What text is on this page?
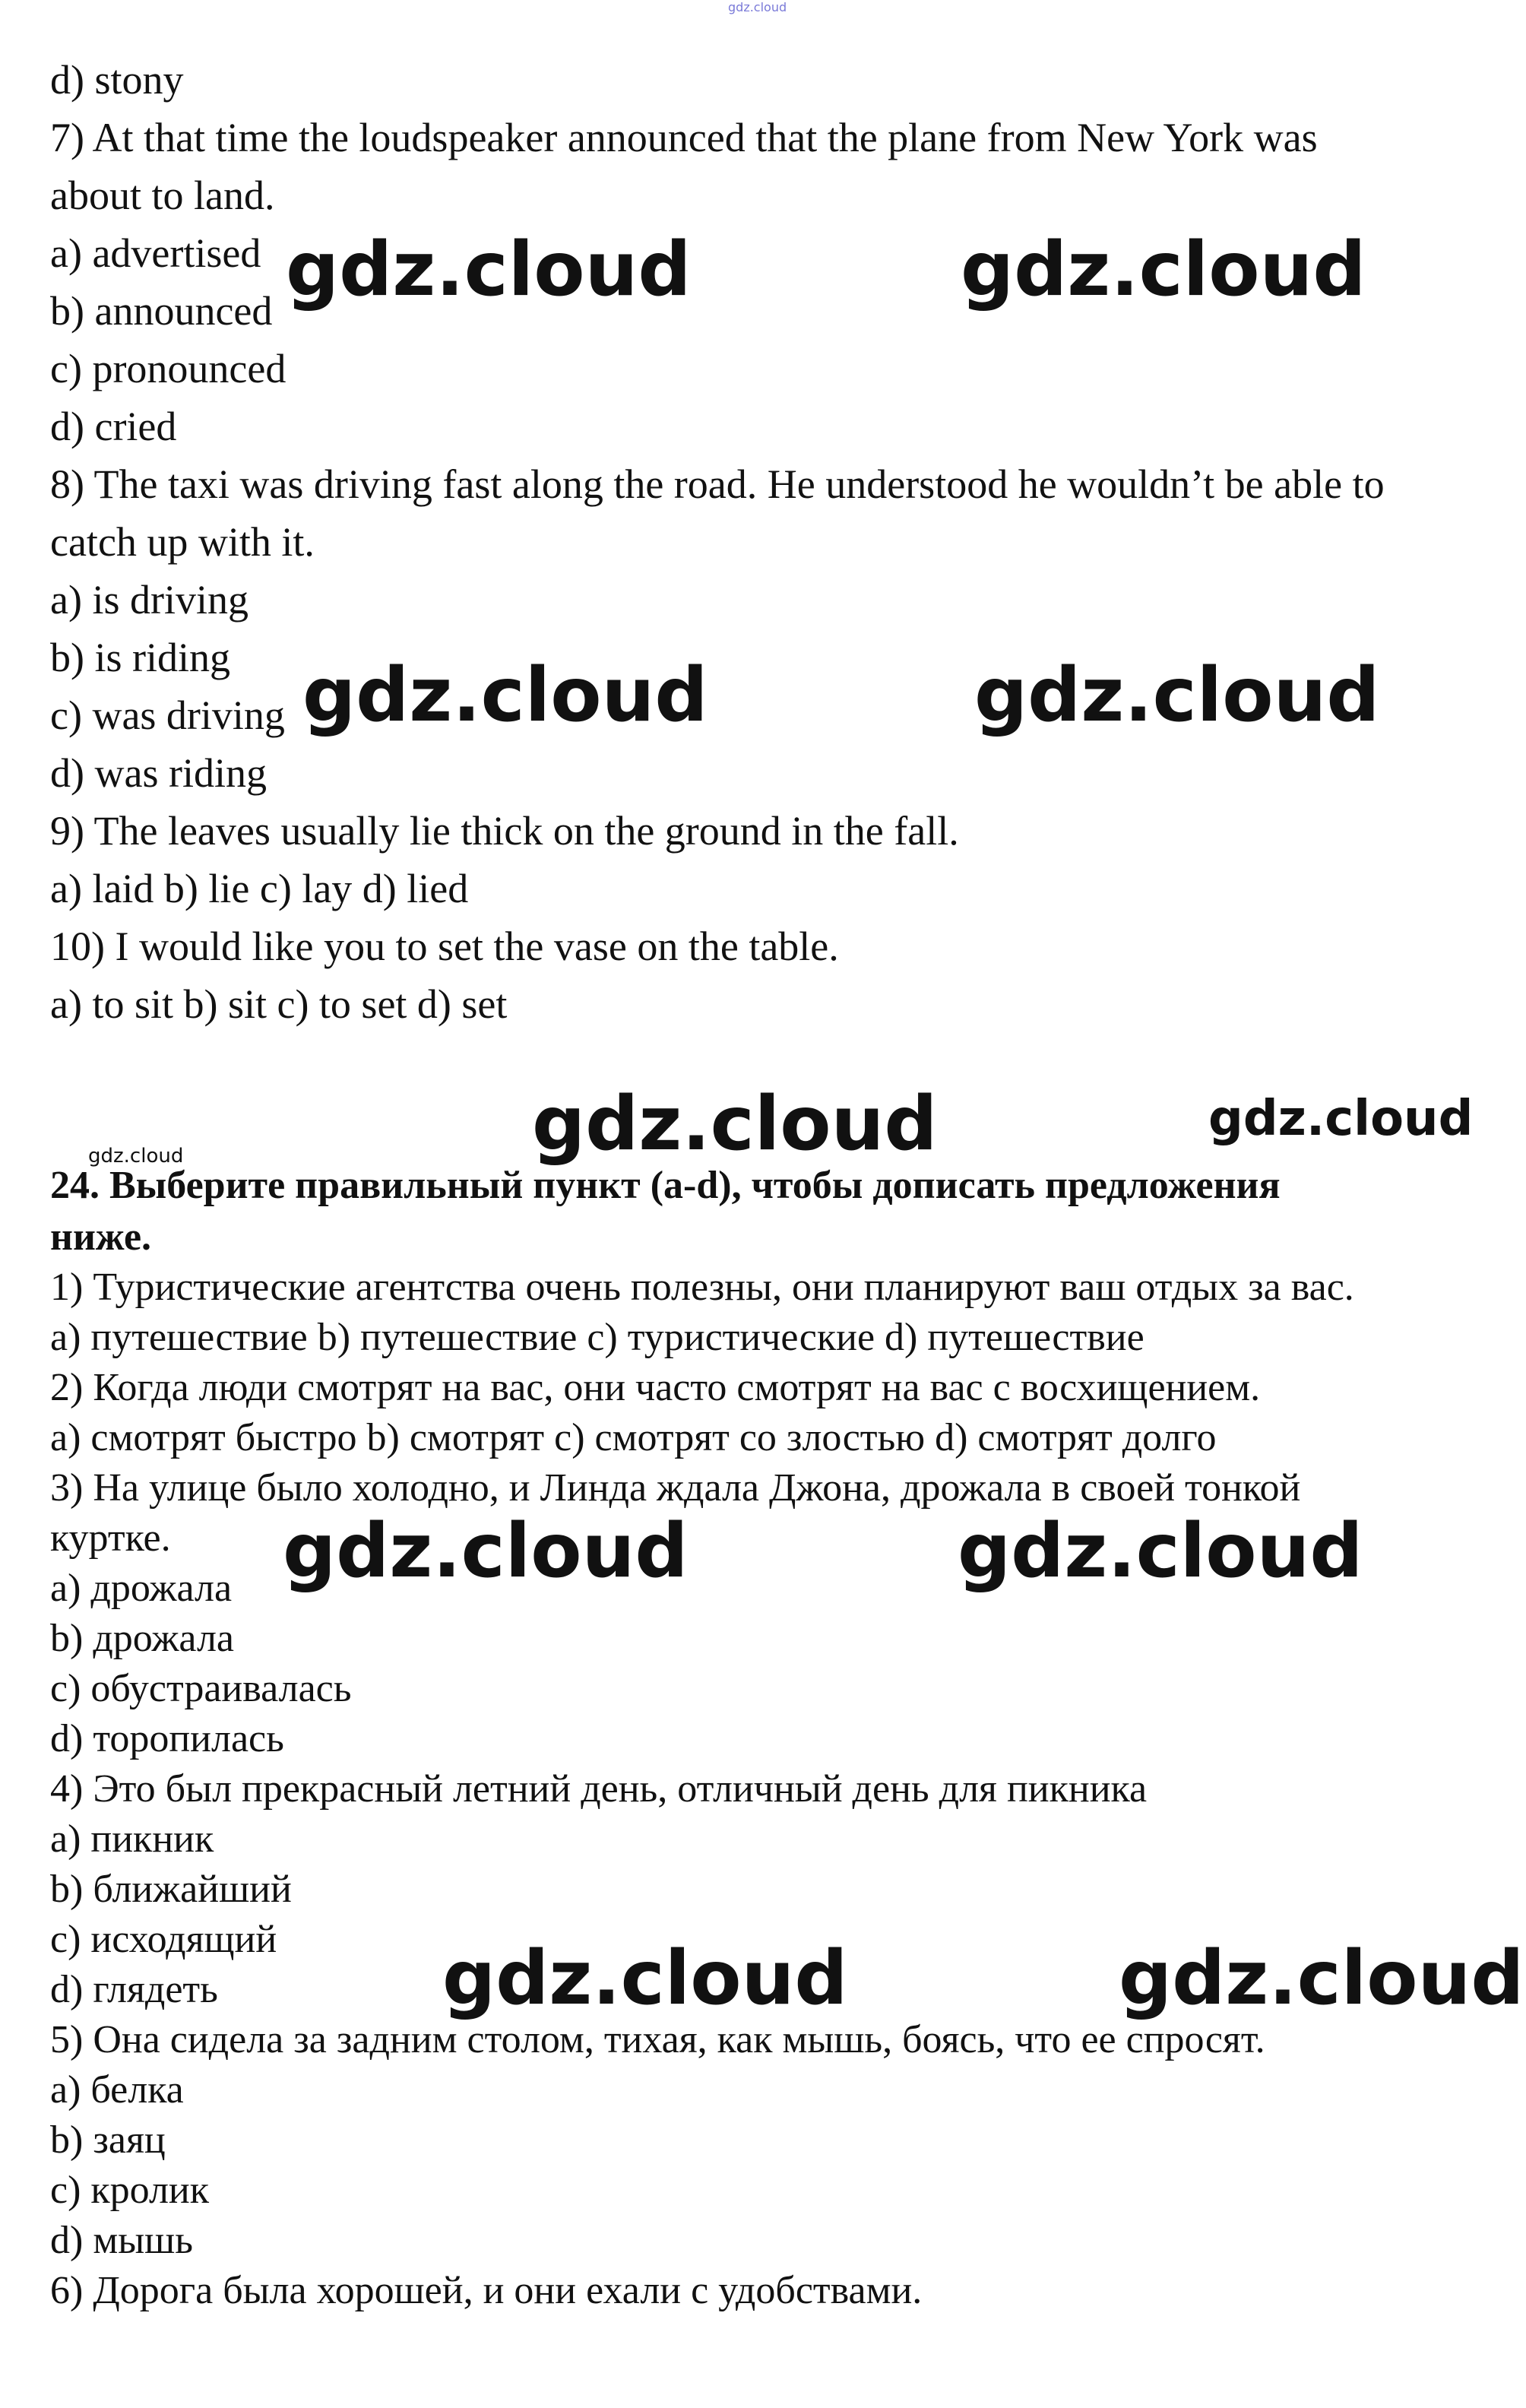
gdz.cloud
d) stony
7) At that time the loudspeaker announced that the plane from New York was
about to land.
a) advertised
b) announced
c) pronounced
d) cried
8) The taxi was driving fast along the road. He understood he wouldn’t be able to
catch up with it.
a) is driving
b) is riding
c) was driving
d) was riding
9) The leaves usually lie thick on the ground in the fall.
a) laid b) lie c) lay d) lied
10) I would like you to set the vase on the table.
a) to sit b) sit c) to set d) set
24. Выберите правильный пункт (a-d), чтобы дописать предложения
ниже.
1) Туристические агентства очень полезны, они планируют ваш отдых за вас.
a) путешествие b) путешествие c) туристические d) путешествие
2) Когда люди смотрят на вас, они часто смотрят на вас с восхищением.
a) смотрят быстро b) смотрят c) смотрят со злостью d) смотрят долго
3) На улице было холодно, и Линда ждала Джона, дрожала в своей тонкой
куртке.
a) дрожала
b) дрожала
c) обустраивалась
d) торопилась
4) Это был прекрасный летний день, отличный день для пикника
a) пикник
b) ближайший
c) исходящий
d) глядеть
5) Она сидела за задним столом, тихая, как мышь, боясь, что ее спросят.
a) белка
b) заяц
c) кролик
d) мышь
6) Дорога была хорошей, и они ехали с удобствами.
gdz.cloud	gdz.cloud
gdz.cloud	gdz.cloud
gdz.cloud	gdz.cloud
gdz.cloud
gdz.cloud	gdz.cloud
gdz.cloud	gdz.cloud
